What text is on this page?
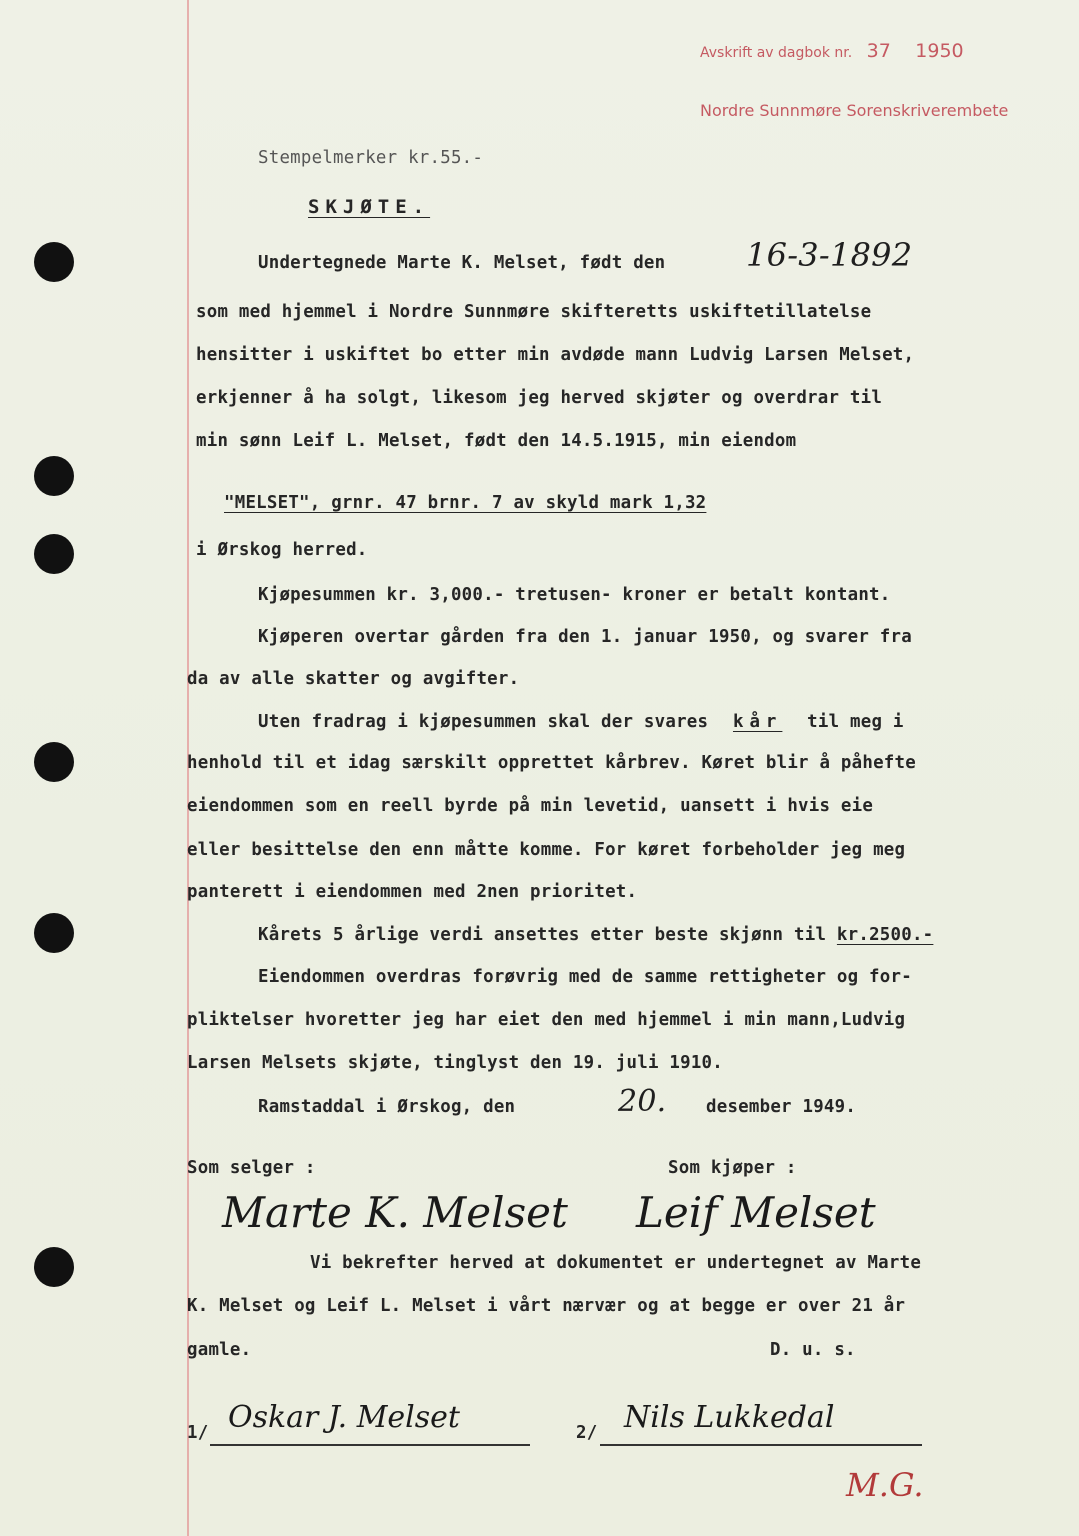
Avskrift av dagbok nr. 37 1950
Nordre Sunnmøre Sorenskriverembete
Stempelmerker kr.55.-
SKJØTE.
Undertegnede Marte K. Melset, født den	16-3-1892
som med hjemmel i Nordre Sunnmøre skifteretts uskiftetillatelse
hensitter i uskiftet bo etter min avdøde mann Ludvig Larsen Melset,
erkjenner å ha solgt, likesom jeg herved skjøter og overdrar til
min sønn Leif L. Melset, født den 14.5.1915, min eiendom
"MELSET", grnr. 47 brnr. 7 av skyld mark 1,32
i Ørskog herred.
Kjøpesummen kr. 3,000.- tretusen- kroner er betalt kontant.
Kjøperen overtar gården fra den 1. januar 1950, og svarer fra
da av alle skatter og avgifter.
Uten fradrag i kjøpesummen skal der svares kår til meg i
henhold til et idag særskilt opprettet kårbrev. Køret blir å påhefte
eiendommen som en reell byrde på min levetid, uansett i hvis eie
eller besittelse den enn måtte komme. For køret forbeholder jeg meg
panterett i eiendommen med 2nen prioritet.
Kårets 5 årlige verdi ansettes etter beste skjønn til kr.2500.-
Eiendommen overdras forøvrig med de samme rettigheter og for-
pliktelser hvoretter jeg har eiet den med hjemmel i min mann,Ludvig
Larsen Melsets skjøte, tinglyst den 19. juli 1910.
Ramstaddal i Ørskog, den	20. desember 1949.
Som selger :	Som kjøper :
Marte K. Melset Leif Melset
Vi bekrefter herved at dokumentet er undertegnet av Marte
K. Melset og Leif L. Melset i vårt nærvær og at begge er over 21 år
gamle.	D. u. s.
1/ Oskar J. Melset	2/ Nils Lukkedal
M.G.
